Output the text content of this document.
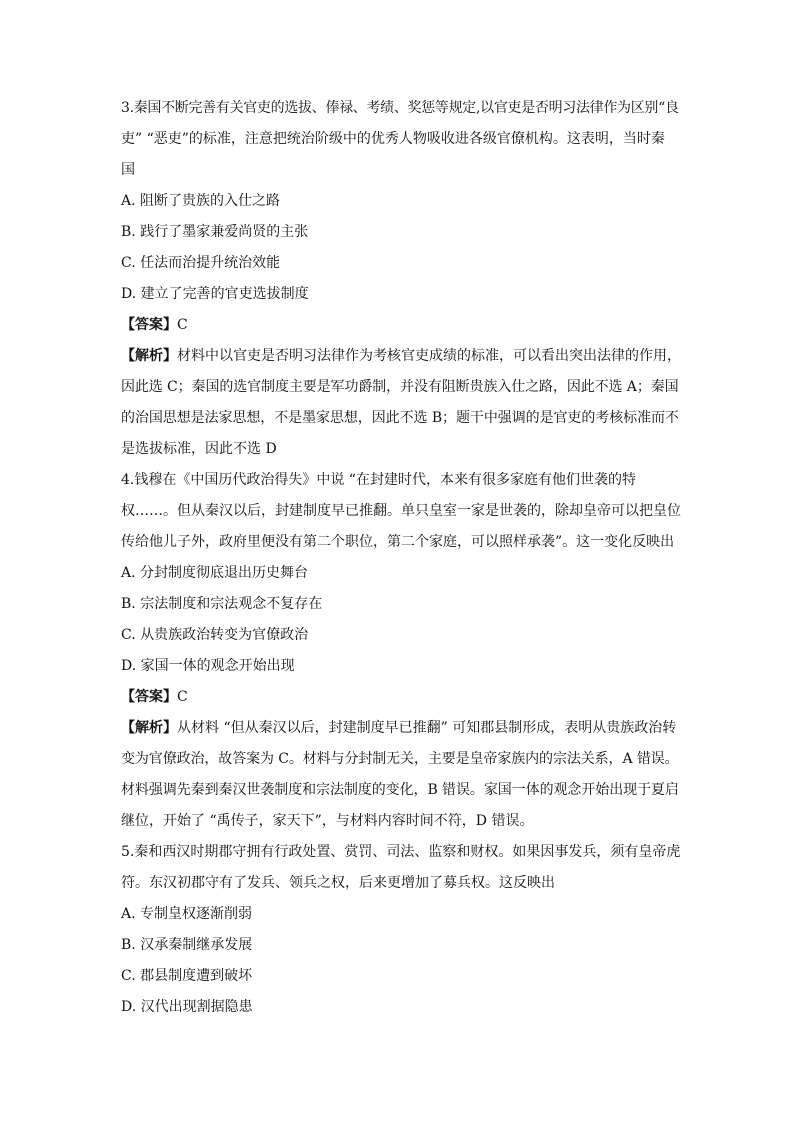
3.秦国不断完善有关官吏的选拔、俸禄、考绩、奖惩等规定,以官吏是否明习法律作为区别“良
吏” “恶吏”的标准，注意把统治阶级中的优秀人物吸收进各级官僚机构。这表明，当时秦
国
A. 阻断了贵族的入仕之路
B. 践行了墨家兼爱尚贤的主张
C. 任法而治提升统治效能
D. 建立了完善的官吏选拔制度
【答案】C
【解析】材料中以官吏是否明习法律作为考核官吏成绩的标准，可以看出突出法律的作用，
因此选 C；秦国的选官制度主要是军功爵制，并没有阻断贵族入仕之路，因此不选 A；秦国
的治国思想是法家思想，不是墨家思想，因此不选 B；题干中强调的是官吏的考核标准而不
是选拔标准，因此不选 D
4.钱穆在《中国历代政治得失》中说 “在封建时代，本来有很多家庭有他们世袭的特
权……。但从秦汉以后，封建制度早已推翻。单只皇室一家是世袭的，除却皇帝可以把皇位
传给他儿子外，政府里便没有第二个职位，第二个家庭，可以照样承袭”。这一变化反映出
A. 分封制度彻底退出历史舞台
B. 宗法制度和宗法观念不复存在
C. 从贵族政治转变为官僚政治
D. 家国一体的观念开始出现
【答案】C
【解析】从材料 “但从秦汉以后，封建制度早已推翻” 可知郡县制形成，表明从贵族政治转
变为官僚政治，故答案为 C。材料与分封制无关，主要是皇帝家族内的宗法关系，A 错误。
材料强调先秦到秦汉世袭制度和宗法制度的变化，B 错误。家国一体的观念开始出现于夏启
继位，开始了 “禹传子，家天下”，与材料内容时间不符，D 错误。
5.秦和西汉时期郡守拥有行政处置、赏罚、司法、监察和财权。如果因事发兵，须有皇帝虎
符。东汉初郡守有了发兵、领兵之权，后来更增加了募兵权。这反映出
A. 专制皇权逐渐削弱
B. 汉承秦制继承发展
C. 郡县制度遭到破坏
D. 汉代出现割据隐患
